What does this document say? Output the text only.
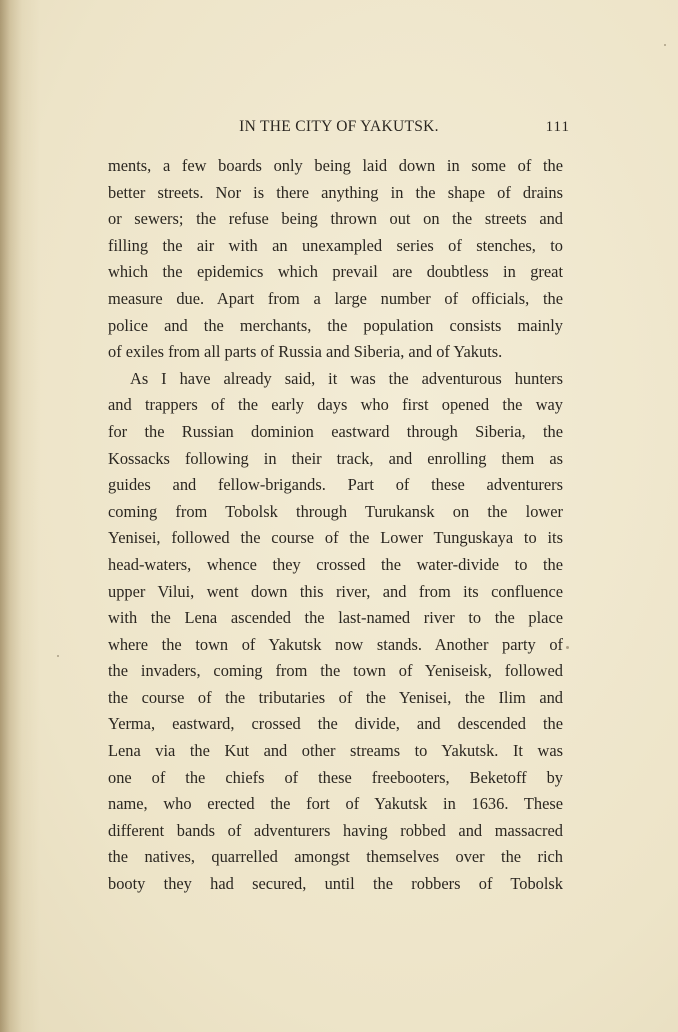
IN THE CITY OF YAKUTSK.	111
ments, a few boards only being laid down in some of the
better streets. Nor is there anything in the shape of drains
or sewers; the refuse being thrown out on the streets and
filling the air with an unexampled series of stenches, to
which the epidemics which prevail are doubtless in great
measure due. Apart from a large number of officials, the
police and the merchants, the population consists mainly
of exiles from all parts of Russia and Siberia, and of Yakuts.
As I have already said, it was the adventurous hunters
and trappers of the early days who first opened the way
for the Russian dominion eastward through Siberia, the
Kossacks following in their track, and enrolling them as
guides and fellow-brigands. Part of these adventurers
coming from Tobolsk through Turukansk on the lower
Yenisei, followed the course of the Lower Tunguskaya to its
head-waters, whence they crossed the water-divide to the
upper Vilui, went down this river, and from its confluence
with the Lena ascended the last-named river to the place
where the town of Yakutsk now stands. Another party of
the invaders, coming from the town of Yeniseisk, followed
the course of the tributaries of the Yenisei, the Ilim and
Yerma, eastward, crossed the divide, and descended the
Lena via the Kut and other streams to Yakutsk. It was
one of the chiefs of these freebooters, Beketoff by
name, who erected the fort of Yakutsk in 1636. These
different bands of adventurers having robbed and massacred
the natives, quarrelled amongst themselves over the rich
booty they had secured, until the robbers of Tobolsk
